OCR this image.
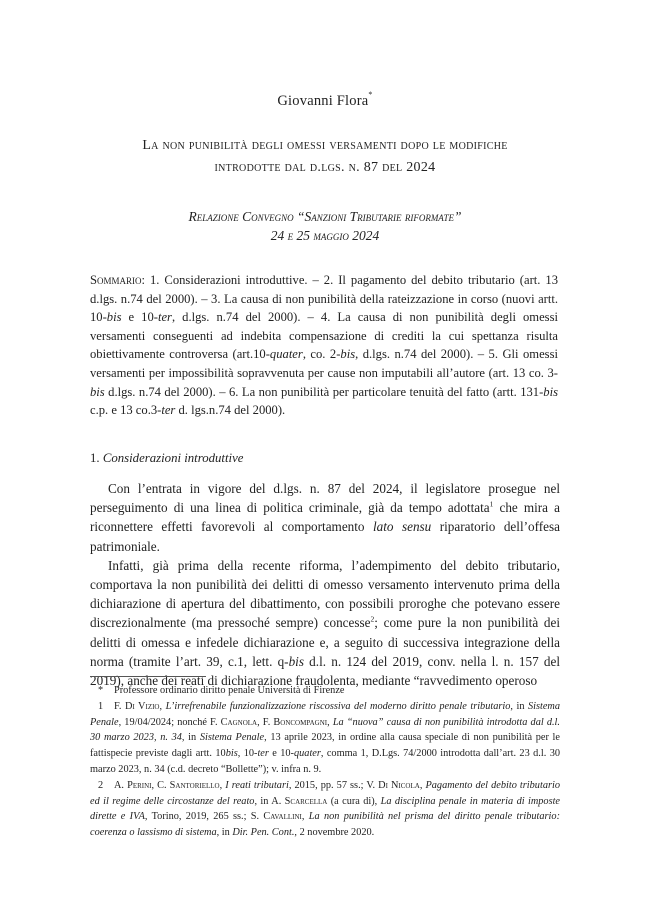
Giovanni Flora*
La non punibilità degli omessi versamenti dopo le modifiche
introdotte dal d.lgs. n. 87 del 2024
Relazione Convegno “Sanzioni Tributarie riformate”
24 e 25 maggio 2024
Sommario: 1. Considerazioni introduttive. – 2. Il pagamento del debito tributario (art. 13 d.lgs. n.74 del 2000). – 3. La causa di non punibilità della rateizzazione in corso (nuovi artt. 10-bis e 10-ter, d.lgs. n.74 del 2000). – 4. La causa di non punibilità degli omessi versamenti conseguenti ad indebita compensazione di crediti la cui spettanza risulta obiettivamente controversa (art.10-quater, co. 2-bis, d.lgs. n.74 del 2000). – 5. Gli omessi versamenti per impossibilità sopravvenuta per cause non imputabili all’autore (art. 13 co. 3-bis d.lgs. n.74 del 2000). – 6. La non punibilità per particolare tenuità del fatto (artt. 131-bis c.p. e 13 co.3-ter d. lgs.n.74 del 2000).
1. Considerazioni introduttive

Con l’entrata in vigore del d.lgs. n. 87 del 2024, il legislatore prosegue nel perseguimento di una linea di politica criminale, già da tempo adottata$^1$ che mira a riconnettere effetti favorevoli al comportamento lato sensu riparatorio dell’offesa patrimoniale.

Infatti, già prima della recente riforma, l’adempimento del debito tributario, comportava la non punibilità dei delitti di omesso versamento intervenuto prima della dichiarazione di apertura del dibattimento, con possibili proroghe che potevano essere discrezionalmente (ma pressoché sempre) concesse$^2$; come pure la non punibilità dei delitti di omessa e infedele dichiarazione e, a seguito di successiva integrazione della norma (tramite l’art. 39, c.1, lett. q-bis d.l. n. 124 del 2019, conv. nella l. n. 157 del 2019), anche dei reati di dichiarazione fraudolenta, mediante “ravvedimento operoso

* Professore ordinario diritto penale Università di Firenze

1 F. Di Vizio, L’irrefrenabile funzionalizzazione riscossiva del moderno diritto penale tributario, in Sistema Penale, 19/04/2024; nonché F. Cagnola, F. Boncompagni, La “nuova” causa di non punibilità introdotta dal d.l. 30 marzo 2023, n. 34, in Sistema Penale, 13 aprile 2023, in ordine alla causa speciale di non punibilità per le fattispecie previste dagli artt. 10bis, 10-ter e 10-quater, comma 1, D.Lgs. 74/2000 introdotta dall’art. 23 d.l. 30 marzo 2023, n. 34 (c.d. decreto “Bollette”); v. infra n. 9.

2 A. Perini, C. Santoriello, I reati tributari, 2015, pp. 57 ss.; V. Di Nicola, Pagamento del debito tributario ed il regime delle circostanze del reato, in A. Scarcella (a cura di), La disciplina penale in materia di imposte dirette e IVA, Torino, 2019, 265 ss.; S. Cavallini, La non punibilità nel prisma del diritto penale tributario: coerenza o lassismo di sistema, in Dir. Pen. Cont., 2 novembre 2020.
